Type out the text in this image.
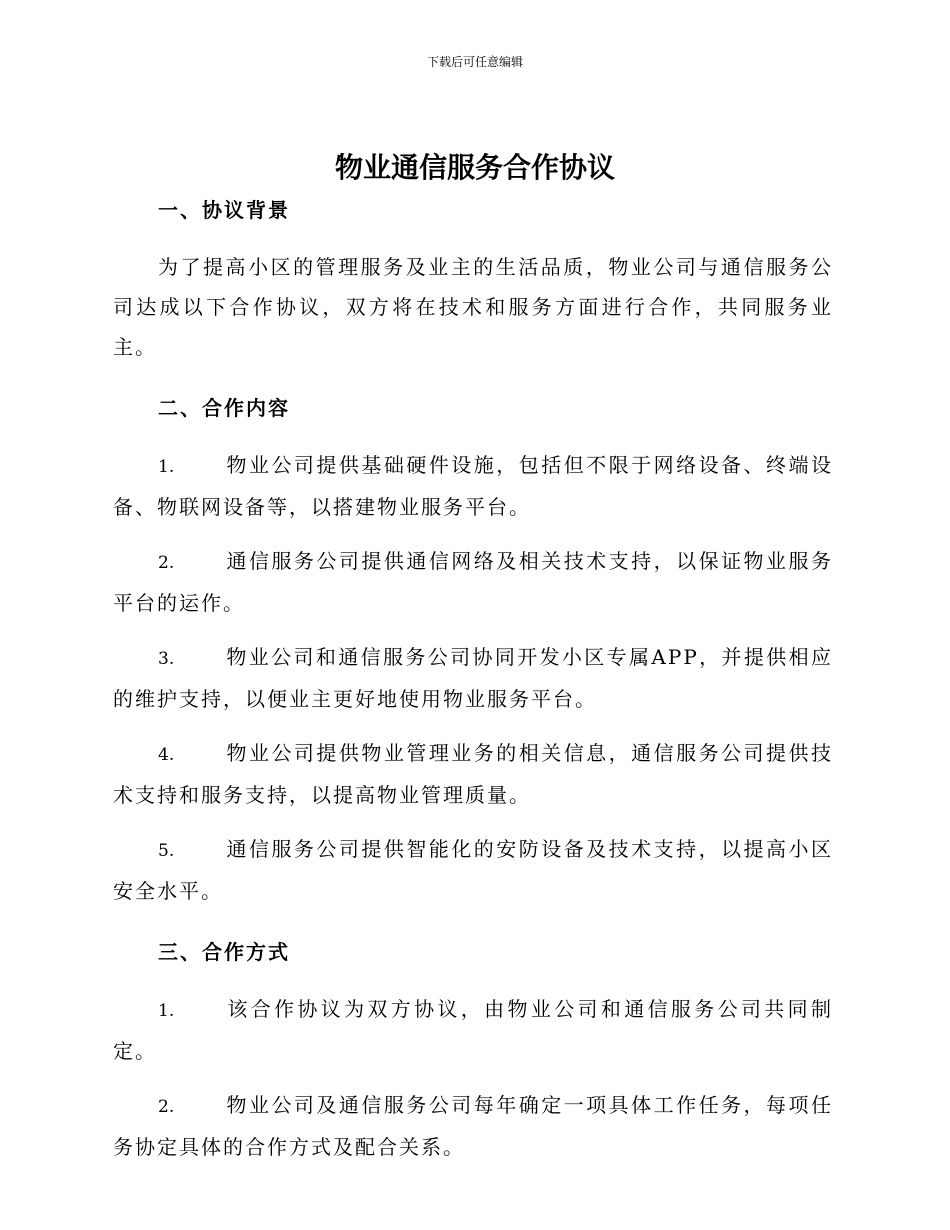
下载后可任意编辑
物业通信服务合作协议
一、协议背景

为了提高小区的管理服务及业主的生活品质，物业公司与通信服务公司达成以下合作协议，双方将在技术和服务方面进行合作，共同服务业主。

二、合作内容

1.	物业公司提供基础硬件设施，包括但不限于网络设备、终端设备、物联网设备等，以搭建物业服务平台。

2.	通信服务公司提供通信网络及相关技术支持，以保证物业服务平台的运作。

3.	物业公司和通信服务公司协同开发小区专属APP，并提供相应的维护支持，以便业主更好地使用物业服务平台。

4.	物业公司提供物业管理业务的相关信息，通信服务公司提供技术支持和服务支持，以提高物业管理质量。

5.	通信服务公司提供智能化的安防设备及技术支持，以提高小区安全水平。

三、合作方式

1.	该合作协议为双方协议，由物业公司和通信服务公司共同制定。

2.	物业公司及通信服务公司每年确定一项具体工作任务，每项任务协定具体的合作方式及配合关系。
